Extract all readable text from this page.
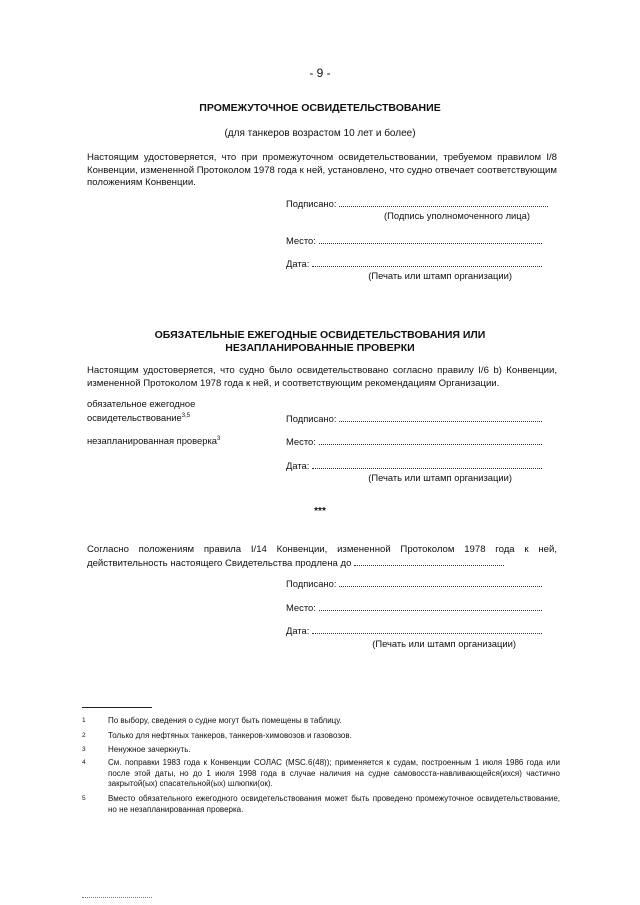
- 9 -
ПРОМЕЖУТОЧНОЕ ОСВИДЕТЕЛЬСТВОВАНИЕ
(для танкеров возрастом 10 лет и более)
Настоящим удостоверяется, что при промежуточном освидетельствовании, требуемом правилом I/8 Конвенции, измененной Протоколом 1978 года к ней, установлено, что судно отвечает соответствующим положениям Конвенции.
Подписано:
(Подпись уполномоченного лица)
Место:
Дата:
(Печать или штамп организации)
ОБЯЗАТЕЛЬНЫЕ ЕЖЕГОДНЫЕ ОСВИДЕТЕЛЬСТВОВАНИЯ ИЛИ
НЕЗАПЛАНИРОВАННЫЕ ПРОВЕРКИ
Настоящим удостоверяется, что судно было освидетельствовано согласно правилу I/6 b) Конвенции, измененной Протоколом 1978 года к ней, и соответствующим рекомендациям Организации.
обязательное ежегодное
освидетельствование$^{3,5}$
незапланированная проверка$^3$
Подписано:
Место:
Дата:
(Печать или штамп организации)
***
Согласно положениям правила I/14 Конвенции, измененной Протоколом 1978 года к ней, действительность настоящего Свидетельства продлена до
Подписано:
Место:
Дата:
(Печать или штамп организации)
1	По выбору, сведения о судне могут быть помещены в таблицу.
2	Только для нефтяных танкеров, танкеров-химовозов и газовозов.
3	Ненужное зачеркнуть.
4	См. поправки 1983 года к Конвенции СОЛАС (MSC.6(48)); применяется к судам, построенным 1 июля 1986 года или после этой даты, но до 1 июля 1998 года в случае наличия на судне самовосста-навливающейся(ихся) частично закрытой(ых) спасательной(ых) шлюпки(ок).
5	Вместо обязательного ежегодного освидетельствования может быть проведено промежуточное освидетельствование, но не незапланированная проверка.
